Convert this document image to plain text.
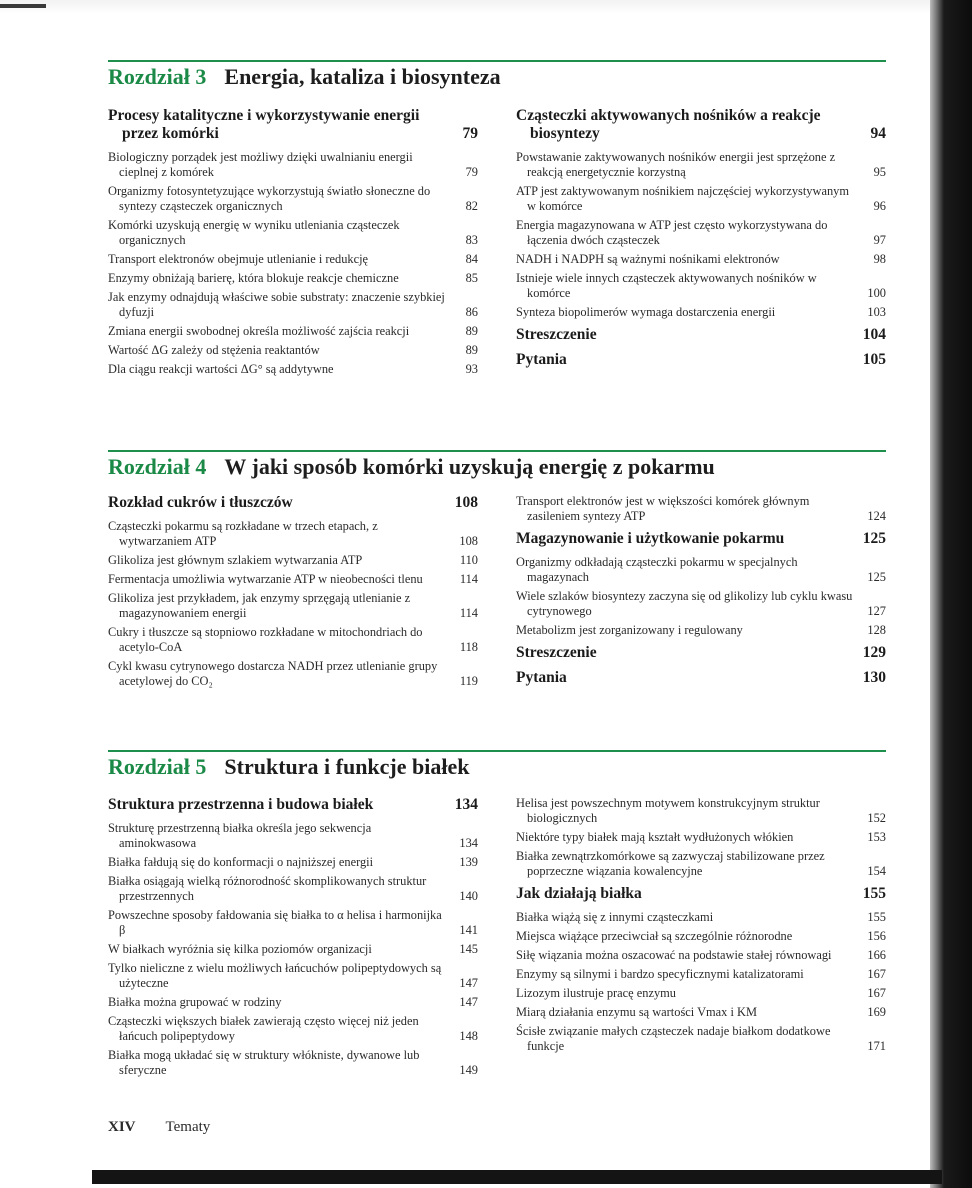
Rozdział 3 Energia, kataliza i biosynteza
Procesy katalityczne i wykorzystywanie energii przez komórki	79
Biologiczny porządek jest możliwy dzięki uwalnianiu energii cieplnej z komórek	79
Organizmy fotosyntetyzujące wykorzystują światło słoneczne do syntezy cząsteczek organicznych	82
Komórki uzyskują energię w wyniku utleniania cząsteczek organicznych	83
Transport elektronów obejmuje utlenianie i redukcję	84
Enzymy obniżają barierę, która blokuje reakcje chemiczne	85
Jak enzymy odnajdują właściwe sobie substraty: znaczenie szybkiej dyfuzji	86
Zmiana energii swobodnej określa możliwość zajścia reakcji	89
Wartość ΔG zależy od stężenia reaktantów	89
Dla ciągu reakcji wartości ΔG° są addytywne	93
Cząsteczki aktywowanych nośników a reakcje biosyntezy	94
Powstawanie zaktywowanych nośników energii jest sprzężone z reakcją energetycznie korzystną	95
ATP jest zaktywowanym nośnikiem najczęściej wykorzystywanym w komórce	96
Energia magazynowana w ATP jest często wykorzystywana do łączenia dwóch cząsteczek	97
NADH i NADPH są ważnymi nośnikami elektronów	98
Istnieje wiele innych cząsteczek aktywowanych nośników w komórce	100
Synteza biopolimerów wymaga dostarczenia energii	103
Streszczenie	104
Pytania	105
Rozdział 4 W jaki sposób komórki uzyskują energię z pokarmu
Rozkład cukrów i tłuszczów	108
Cząsteczki pokarmu są rozkładane w trzech etapach, z wytwarzaniem ATP	108
Glikoliza jest głównym szlakiem wytwarzania ATP	110
Fermentacja umożliwia wytwarzanie ATP w nieobecności tlenu	114
Glikoliza jest przykładem, jak enzymy sprzęgają utlenianie z magazynowaniem energii	114
Cukry i tłuszcze są stopniowo rozkładane w mitochondriach do acetylo-CoA	118
Cykl kwasu cytrynowego dostarcza NADH przez utlenianie grupy acetylowej do CO₂	119
Transport elektronów jest w większości komórek głównym zasileniem syntezy ATP	124
Magazynowanie i użytkowanie pokarmu	125
Organizmy odkładają cząsteczki pokarmu w specjalnych magazynach	125
Wiele szlaków biosyntezy zaczyna się od glikolizy lub cyklu kwasu cytrynowego	127
Metabolizm jest zorganizowany i regulowany	128
Streszczenie	129
Pytania	130
Rozdział 5 Struktura i funkcje białek
Struktura przestrzenna i budowa białek	134
Strukturę przestrzenną białka określa jego sekwencja aminokwasowa	134
Białka fałdują się do konformacji o najniższej energii	139
Białka osiągają wielką różnorodność skomplikowanych struktur przestrzennych	140
Powszechne sposoby fałdowania się białka to α helisa i harmonijka β	141
W białkach wyróżnia się kilka poziomów organizacji	145
Tylko nieliczne z wielu możliwych łańcuchów polipeptydowych są użyteczne	147
Białka można grupować w rodziny	147
Cząsteczki większych białek zawierają często więcej niż jeden łańcuch polipeptydowy	148
Białka mogą układać się w struktury włókniste, dywanowe lub sferyczne	149
Helisa jest powszechnym motywem konstrukcyjnym struktur biologicznych	152
Niektóre typy białek mają kształt wydłużonych włókien	153
Białka zewnątrzkomórkowe są zazwyczaj stabilizowane przez poprzeczne wiązania kowalencyjne	154
Jak działają białka	155
Białka wiążą się z innymi cząsteczkami	155
Miejsca wiążące przeciwciał są szczególnie różnorodne	156
Siłę wiązania można oszacować na podstawie stałej równowagi	166
Enzymy są silnymi i bardzo specyficznymi katalizatorami	167
Lizozym ilustruje pracę enzymu	167
Miarą działania enzymu są wartości Vmax i KM	169
Ścisłe związanie małych cząsteczek nadaje białkom dodatkowe funkcje	171
XIV Tematy
